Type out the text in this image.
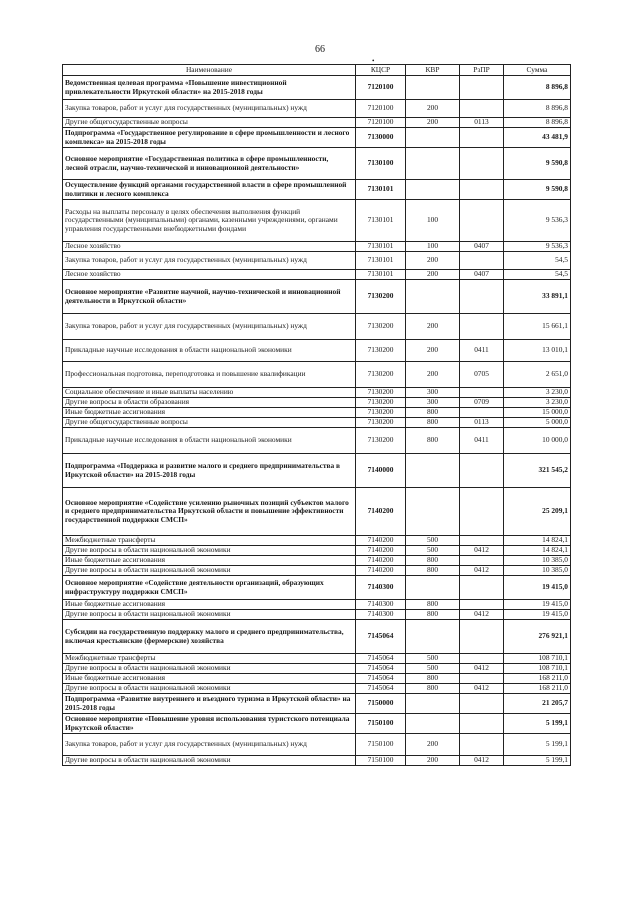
66
•
Наименование	КЦСР	КВР	РзПР	Сумма
Ведомственная целевая программа «Повышение инвестиционной привлекательности Иркутской области» на 2015-2018 годы	7120100			8 896,8
Закупка товаров, работ и услуг для государственных (муниципальных) нужд	7120100	200		8 896,8
Другие общегосударственные вопросы	7120100	200	0113	8 896,8
Подпрограмма «Государственное регулирование в сфере промышленности и лесного комплекса» на 2015-2018 годы	7130000			43 481,9
Основное мероприятие «Государственная политика в сфере промышленности, лесной отрасли, научно-технической и инновационной деятельности»	7130100			9 590,8
Осуществление функций органами государственной власти в сфере промышленной политики и лесного комплекса	7130101			9 590,8
Расходы на выплаты персоналу в целях обеспечения выполнения функций государственными (муниципальными) органами, казенными учреждениями, органами управления государственными внебюджетными фондами	7130101	100		9 536,3
Лесное хозяйство	7130101	100	0407	9 536,3
Закупка товаров, работ и услуг для государственных (муниципальных) нужд	7130101	200		54,5
Лесное хозяйство	7130101	200	0407	54,5
Основное мероприятие «Развитие научной, научно-технической и инновационной деятельности в Иркутской области»	7130200			33 891,1
Закупка товаров, работ и услуг для государственных (муниципальных) нужд	7130200	200		15 661,1
Прикладные научные исследования в области национальной экономики	7130200	200	0411	13 010,1
Профессиональная подготовка, переподготовка и повышение квалификации	7130200	200	0705	2 651,0
Социальное обеспечение и иные выплаты населению	7130200	300		3 230,0
Другие вопросы в области образования	7130200	300	0709	3 230,0
Иные бюджетные ассигнования	7130200	800		15 000,0
Другие общегосударственные вопросы	7130200	800	0113	5 000,0
Прикладные научные исследования в области национальной экономики	7130200	800	0411	10 000,0
Подпрограмма «Поддержка и развитие малого и среднего предпринимательства в Иркутской области» на 2015-2018 годы	7140000			321 545,2
Основное мероприятие «Содействие усилению рыночных позиций субъектов малого и среднего предпринимательства Иркутской области и повышение эффективности государственной поддержки СМСП»	7140200			25 209,1
Межбюджетные трансферты	7140200	500		14 824,1
Другие вопросы в области национальной экономики	7140200	500	0412	14 824,1
Иные бюджетные ассигнования	7140200	800		10 385,0
Другие вопросы в области национальной экономики	7140200	800	0412	10 385,0
Основное мероприятие «Содействие деятельности организаций, образующих инфраструктуру поддержки СМСП»	7140300			19 415,0
Иные бюджетные ассигнования	7140300	800		19 415,0
Другие вопросы в области национальной экономики	7140300	800	0412	19 415,0
Субсидии на государственную поддержку малого и среднего предпринимательства, включая крестьянские (фермерские) хозяйства	7145064			276 921,1
Межбюджетные трансферты	7145064	500		108 710,1
Другие вопросы в области национальной экономики	7145064	500	0412	108 710,1
Иные бюджетные ассигнования	7145064	800		168 211,0
Другие вопросы в области национальной экономики	7145064	800	0412	168 211,0
Подпрограмма «Развитие внутреннего и въездного туризма в Иркутской области» на 2015-2018 годы	7150000			21 205,7
Основное мероприятие «Повышение уровня использования туристского потенциала Иркутской области»	7150100			5 199,1
Закупка товаров, работ и услуг для государственных (муниципальных) нужд	7150100	200		5 199,1
Другие вопросы в области национальной экономики	7150100	200	0412	5 199,1
